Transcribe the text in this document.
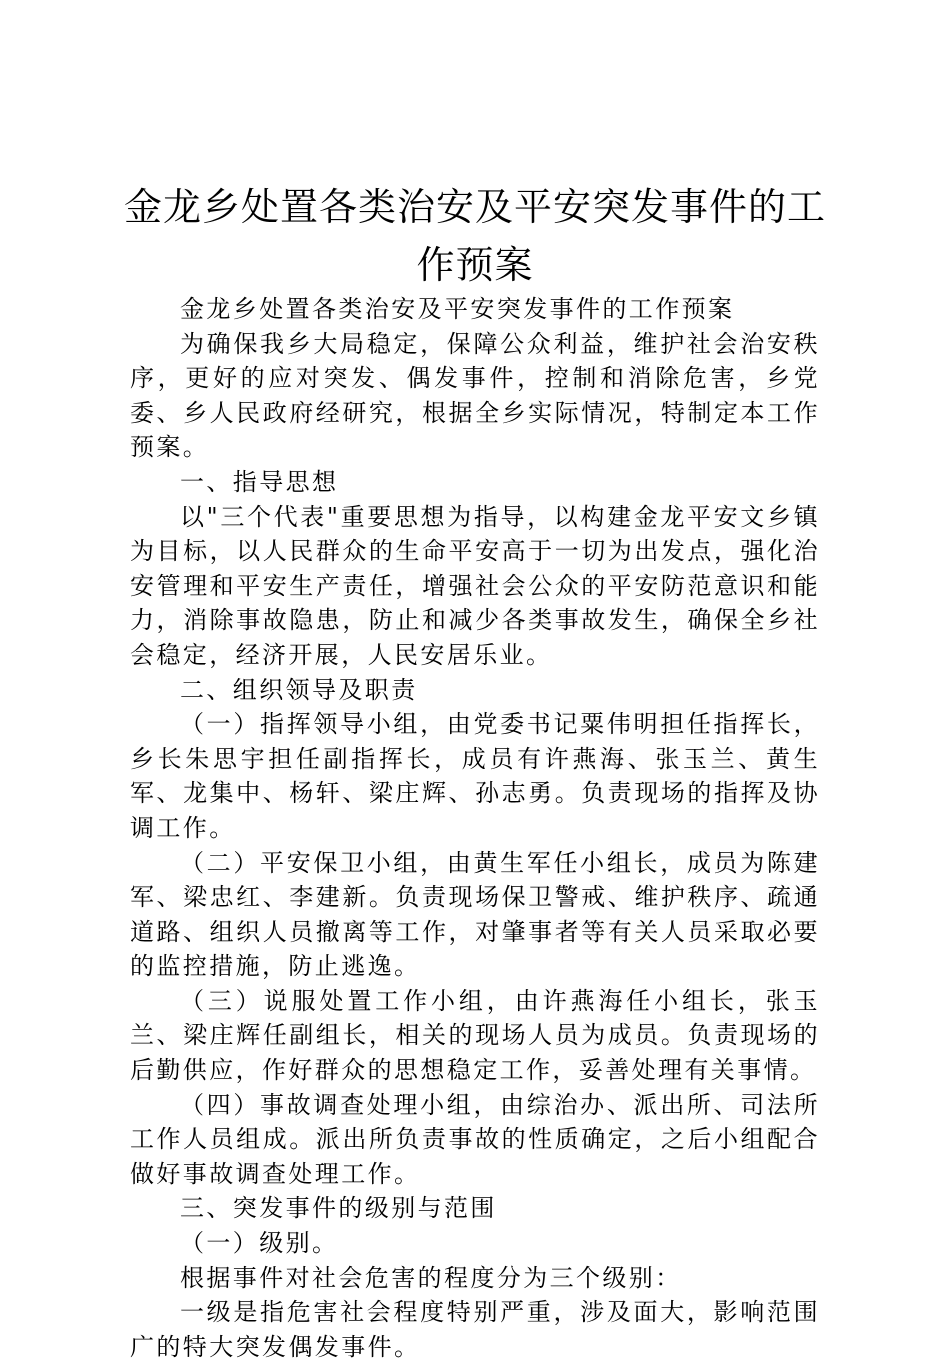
金龙乡处置各类治安及平安突发事件的工作预案

金龙乡处置各类治安及平安突发事件的工作预案

为确保我乡大局稳定，保障公众利益，维护社会治安秩序，更好的应对突发、偶发事件，控制和消除危害，乡党委、乡人民政府经研究，根据全乡实际情况，特制定本工作预案。

一、指导思想

以"三个代表"重要思想为指导，以构建金龙平安文乡镇为目标，以人民群众的生命平安高于一切为出发点，强化治安管理和平安生产责任，增强社会公众的平安防范意识和能力，消除事故隐患，防止和减少各类事故发生，确保全乡社会稳定，经济开展，人民安居乐业。

二、组织领导及职责

（一）指挥领导小组，由党委书记粟伟明担任指挥长，乡长朱思宇担任副指挥长，成员有许燕海、张玉兰、黄生军、龙集中、杨轩、梁庄辉、孙志勇。负责现场的指挥及协调工作。

（二）平安保卫小组，由黄生军任小组长，成员为陈建军、梁忠红、李建新。负责现场保卫警戒、维护秩序、疏通道路、组织人员撤离等工作，对肇事者等有关人员采取必要的监控措施，防止逃逸。

（三）说服处置工作小组，由许燕海任小组长，张玉兰、梁庄辉任副组长，相关的现场人员为成员。负责现场的后勤供应，作好群众的思想稳定工作，妥善处理有关事情。

（四）事故调查处理小组，由综治办、派出所、司法所工作人员组成。派出所负责事故的性质确定，之后小组配合做好事故调查处理工作。

三、突发事件的级别与范围

（一）级别。

根据事件对社会危害的程度分为三个级别：

一级是指危害社会程度特别严重，涉及面大，影响范围广的特大突发偶发事件。
